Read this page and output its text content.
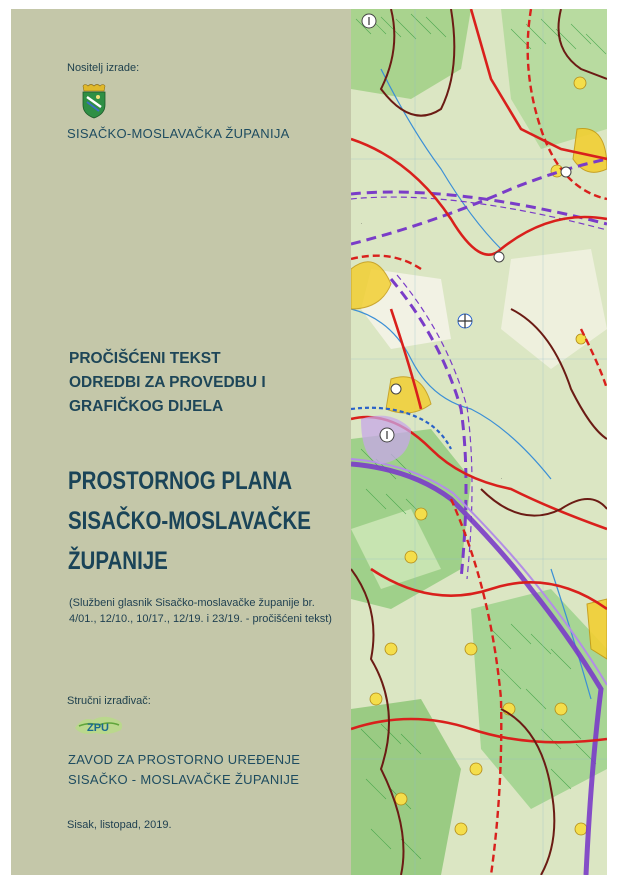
Nositelj izrade:
SISAČKO-MOSLAVAČKA ŽUPANIJA
PROČIŠĆENI TEKST
ODREDBI ZA PROVEDBU I
GRAFIČKOG DIJELA
PROSTORNOG PLANA
SISAČKO-MOSLAVAČKE
ŽUPANIJE
(Službeni glasnik Sisačko-moslavačke županije br.
4/01., 12/10., 10/17., 12/19. i 23/19. - pročišćeni tekst)
Stručni izrađivač:
ZPU
ZAVOD ZA PROSTORNO UREĐENJE
SISAČKO - MOSLAVAČKE ŽUPANIJE
Sisak, listopad, 2019.
.
.
